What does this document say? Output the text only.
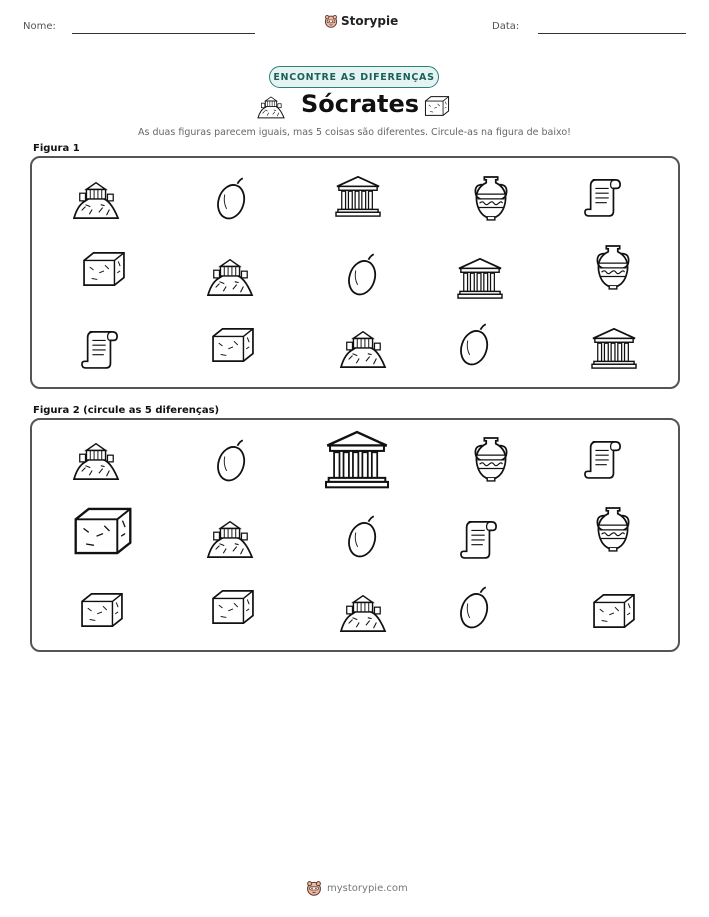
Nome:	Data:
Storypie
ENCONTRE AS DIFERENÇAS
Sócrates
As duas figuras parecem iguais, mas 5 coisas são diferentes. Circule-as na figura de baixo!
Figura 1
Figura 2 (circule as 5 diferenças)
mystorypie.com
